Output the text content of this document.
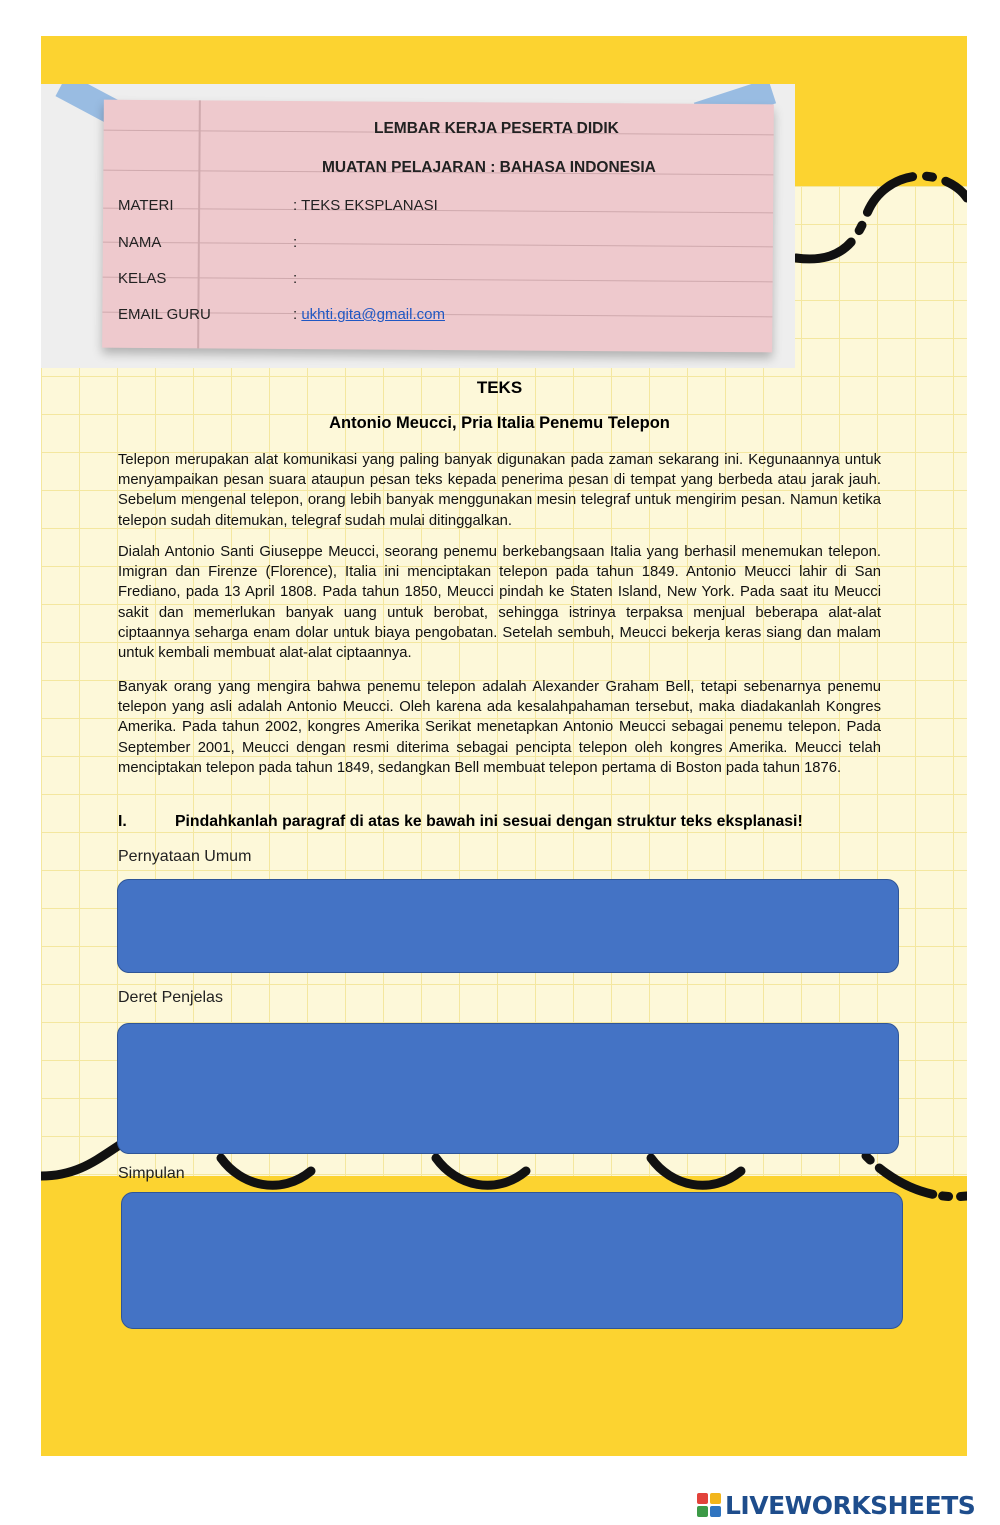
LEMBAR KERJA PESERTA DIDIK
MUATAN PELAJARAN : BAHASA INDONESIA
MATERI	: TEKS EKSPLANASI
NAMA	:
KELAS	:
EMAIL GURU	: ukhti.gita@gmail.com
TEKS
Antonio Meucci, Pria Italia Penemu Telepon
Telepon merupakan alat komunikasi yang paling banyak digunakan pada zaman sekarang ini. Kegunaannya untuk menyampaikan pesan suara ataupun pesan teks kepada penerima pesan di tempat yang berbeda atau jarak jauh. Sebelum mengenal telepon, orang lebih banyak menggunakan mesin telegraf untuk mengirim pesan. Namun ketika telepon sudah ditemukan, telegraf sudah mulai ditinggalkan.
Dialah Antonio Santi Giuseppe Meucci, seorang penemu berkebangsaan Italia yang berhasil menemukan telepon. Imigran dan Firenze (Florence), Italia ini menciptakan telepon pada tahun 1849. Antonio Meucci lahir di San Frediano, pada 13 April 1808. Pada tahun 1850, Meucci pindah ke Staten Island, New York. Pada saat itu Meucci sakit dan memerlukan banyak uang untuk berobat, sehingga istrinya terpaksa menjual beberapa alat-alat ciptaannya seharga enam dolar untuk biaya pengobatan. Setelah sembuh, Meucci bekerja keras siang dan malam untuk kembali membuat alat-alat ciptaannya.
Banyak orang yang mengira bahwa penemu telepon adalah Alexander Graham Bell, tetapi sebenarnya penemu telepon yang asli adalah Antonio Meucci. Oleh karena ada kesalahpahaman tersebut, maka diadakanlah Kongres Amerika. Pada tahun 2002, kongres Amerika Serikat menetapkan Antonio Meucci sebagai penemu telepon. Pada September 2001, Meucci dengan resmi diterima sebagai pencipta telepon oleh kongres Amerika. Meucci telah menciptakan telepon pada tahun 1849, sedangkan Bell membuat telepon pertama di Boston pada tahun 1876.
I.	Pindahkanlah paragraf di atas ke bawah ini sesuai dengan struktur teks eksplanasi!
Pernyataan Umum
Deret Penjelas
Simpulan
LIVEWORKSHEETS
